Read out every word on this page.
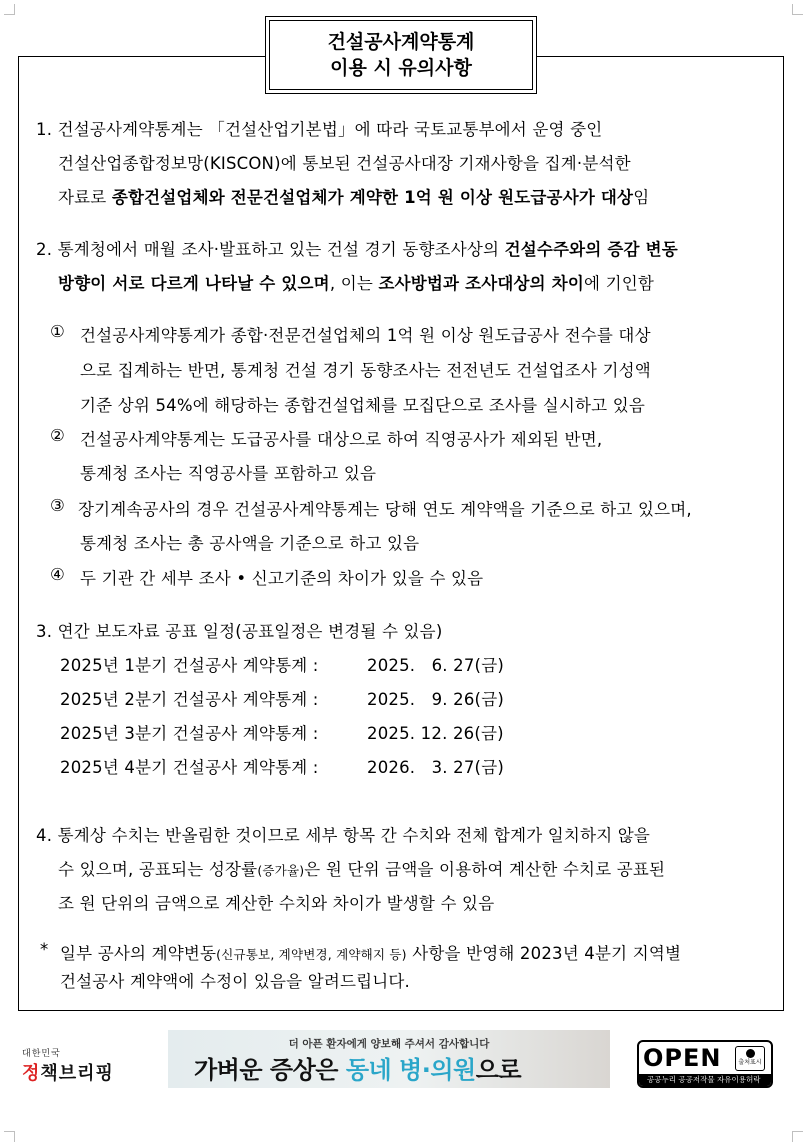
건설공사계약통계
이용 시 유의사항
1. 건설공사계약통계는 「건설산업기본법」에 따라 국토교통부에서 운영 중인
건설산업종합정보망(KISCON)에 통보된 건설공사대장 기재사항을 집계·분석한
자료로 종합건설업체와 전문건설업체가 계약한 1억 원 이상 원도급공사가 대상임
2. 통계청에서 매월 조사·발표하고 있는 건설 경기 동향조사상의 건설수주와의 증감 변동
방향이 서로 다르게 나타날 수 있으며, 이는 조사방법과 조사대상의 차이에 기인함
① 건설공사계약통계가 종합·전문건설업체의 1억 원 이상 원도급공사 전수를 대상
으로 집계하는 반면, 통계청 건설 경기 동향조사는 전전년도 건설업조사 기성액
기준 상위 54%에 해당하는 종합건설업체를 모집단으로 조사를 실시하고 있음
② 건설공사계약통계는 도급공사를 대상으로 하여 직영공사가 제외된 반면,
통계청 조사는 직영공사를 포함하고 있음
③ 장기계속공사의 경우 건설공사계약통계는 당해 연도 계약액을 기준으로 하고 있으며,
통계청 조사는 총 공사액을 기준으로 하고 있음
④ 두 기관 간 세부 조사 • 신고기준의 차이가 있을 수 있음
3. 연간 보도자료 공표 일정(공표일정은 변경될 수 있음)
2025년 1분기 건설공사 계약통계 :	2025.   6. 27(금)
2025년 2분기 건설공사 계약통계 :	2025.   9. 26(금)
2025년 3분기 건설공사 계약통계 :	2025. 12. 26(금)
2025년 4분기 건설공사 계약통계 :	2026.   3. 27(금)
4. 통계상 수치는 반올림한 것이므로 세부 항목 간 수치와 전체 합계가 일치하지 않을
수 있으며, 공표되는 성장률(증가율)은 원 단위 금액을 이용하여 계산한 수치로 공표된
조 원 단위의 금액으로 계산한 수치와 차이가 발생할 수 있음
* 일부 공사의 계약변동(신규통보, 계약변경, 계약해지 등) 사항을 반영해 2023년 4분기 지역별
건설공사 계약액에 수정이 있음을 알려드립니다.
대한민국
정책브리핑
더 아픈 환자에게 양보해 주셔서 감사합니다
가벼운 증상은 동네 병·의원으로	OPEN	출처표시
공공누리 공공저작물 자유이용허락
